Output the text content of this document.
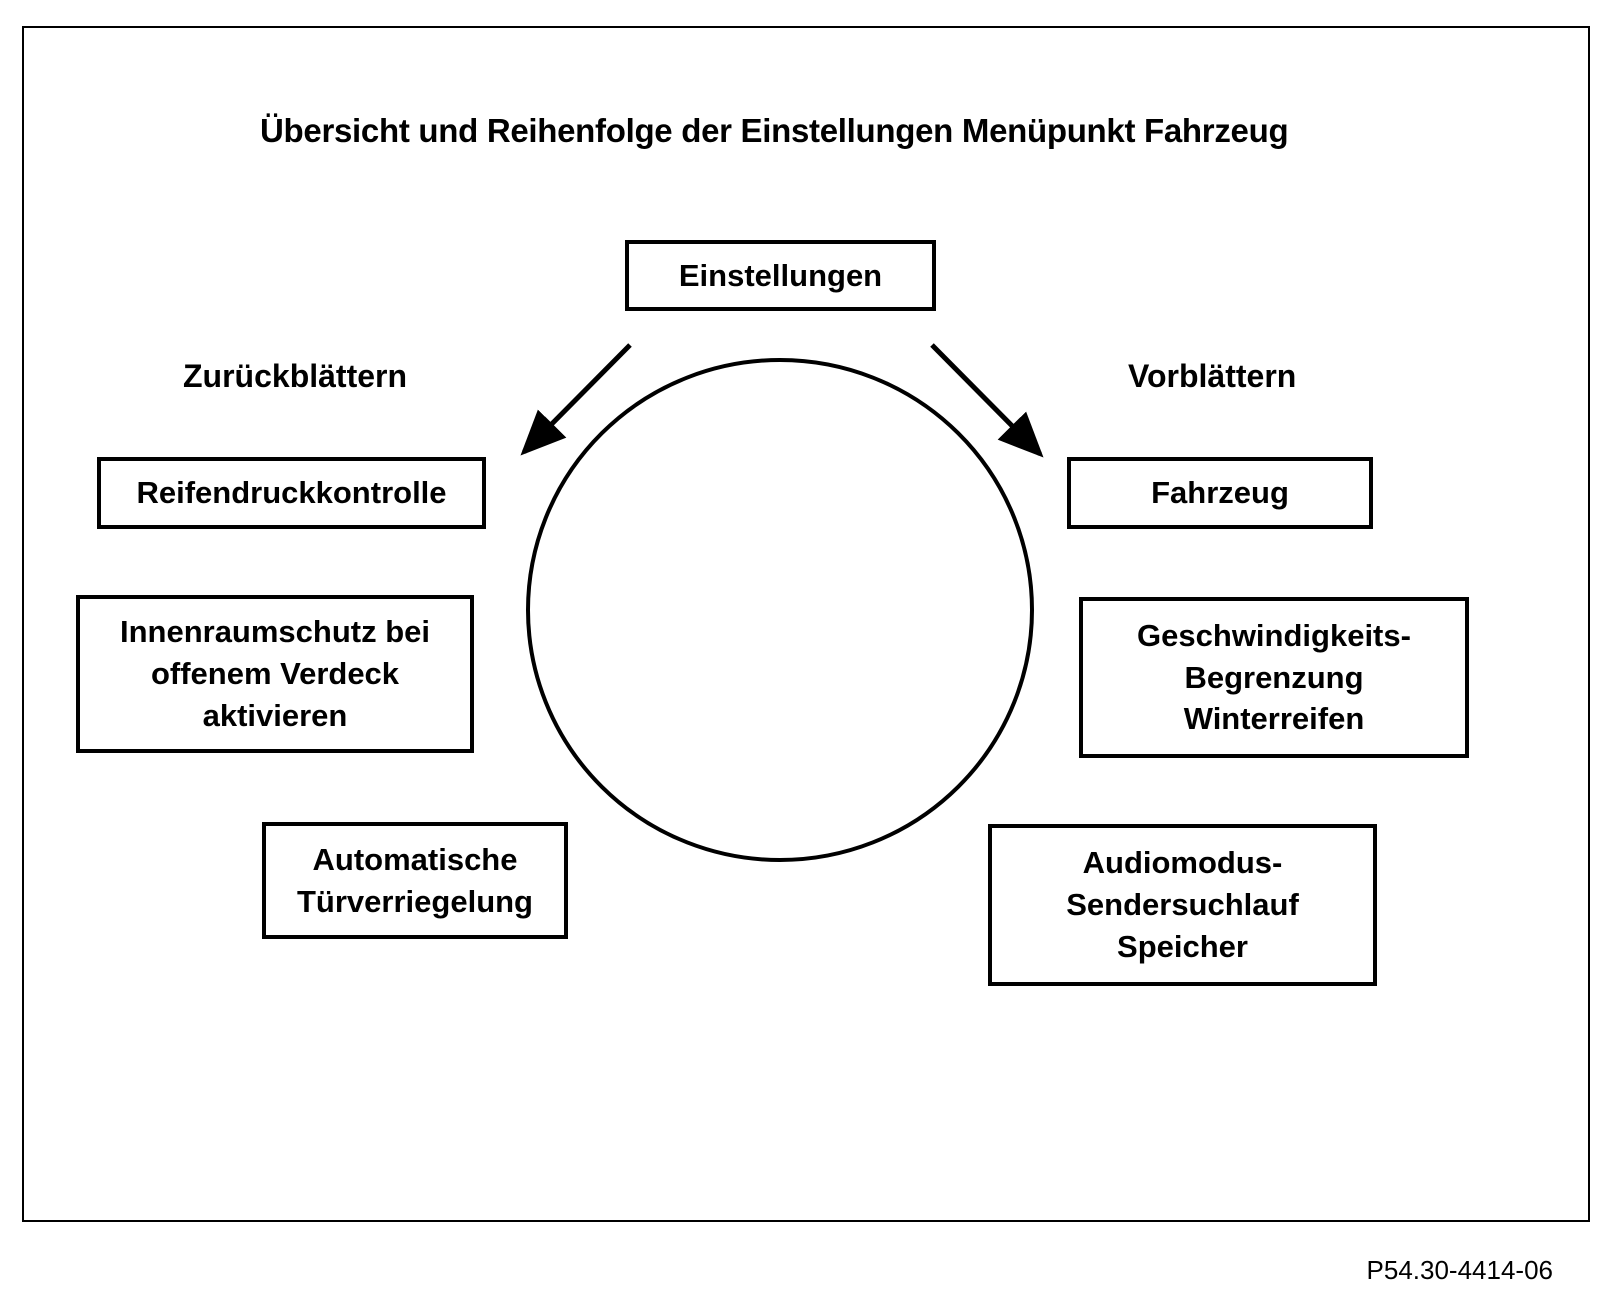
Übersicht und Reihenfolge der Einstellungen Menüpunkt Fahrzeug
Zurückblättern	Vorblättern
Einstellungen
Reifendruckkontrolle
Innenraumschutz bei
offenem Verdeck
aktivieren
Automatische
Türverriegelung
Fahrzeug
Geschwindigkeits-
Begrenzung
Winterreifen
Audiomodus-
Sendersuchlauf
Speicher
P54.30-4414-06
